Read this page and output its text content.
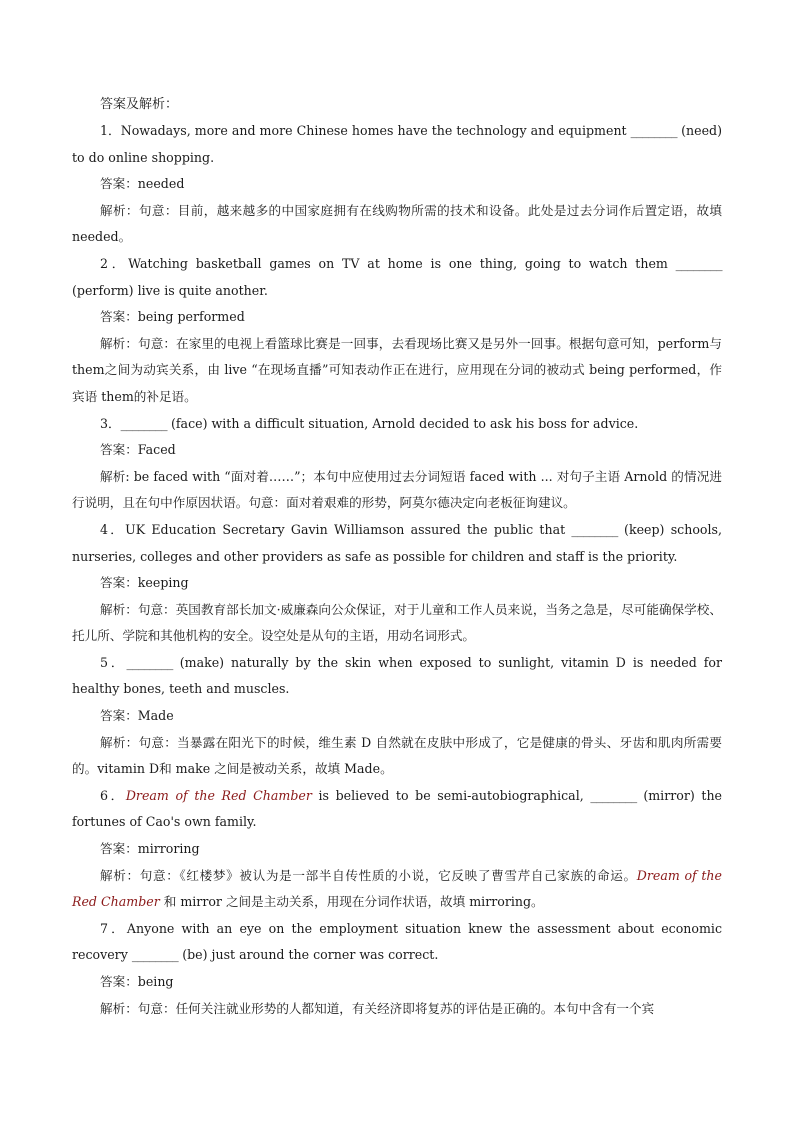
答案及解析：

1．Nowadays, more and more Chinese homes have the technology and equipment ________ (need) to do online shopping.

答案：needed

解析：句意：目前，越来越多的中国家庭拥有在线购物所需的技术和设备。此处是过去分词作后置定语，故填needed。

2．Watching basketball games on TV at home is one thing, going to watch them ________ (perform) live is quite another.

答案：being performed

解析：句意：在家里的电视上看篮球比赛是一回事，去看现场比赛又是另外一回事。根据句意可知，perform与 them之间为动宾关系，由 live “在现场直播”可知表动作正在进行，应用现在分词的被动式 being performed，作宾语 them的补足语。

3．________ (face) with a difficult situation, Arnold decided to ask his boss for advice.

答案：Faced

解析: be faced with “面对着……”；本句中应使用过去分词短语 faced with ... 对句子主语 Arnold 的情况进行说明，且在句中作原因状语。句意：面对着艰难的形势，阿莫尔德决定向老板征询建议。

4．UK Education Secretary Gavin Williamson assured the public that ________ (keep) schools, nurseries, colleges and other providers as safe as possible for children and staff is the priority.

答案：keeping

解析：句意：英国教育部长加文·威廉森向公众保证，对于儿童和工作人员来说，当务之急是，尽可能确保学校、托儿所、学院和其他机构的安全。设空处是从句的主语，用动名词形式。

5．________ (make) naturally by the skin when exposed to sunlight, vitamin D is needed for healthy bones, teeth and muscles.

答案：Made

解析：句意：当暴露在阳光下的时候，维生素 D 自然就在皮肤中形成了，它是健康的骨头、牙齿和肌肉所需要的。vitamin D和 make 之间是被动关系，故填 Made。

6．Dream of the Red Chamber is believed to be semi-autobiographical, ________ (mirror) the fortunes of Cao's own family.

答案：mirroring

解析：句意：《红楼梦》被认为是一部半自传性质的小说，它反映了曹雪芹自己家族的命运。Dream of the Red Chamber 和 mirror 之间是主动关系，用现在分词作状语，故填 mirroring。

7．Anyone with an eye on the employment situation knew the assessment about economic recovery ________ (be) just around the corner was correct.

答案：being

解析：句意：任何关注就业形势的人都知道，有关经济即将复苏的评估是正确的。本句中含有一个宾
